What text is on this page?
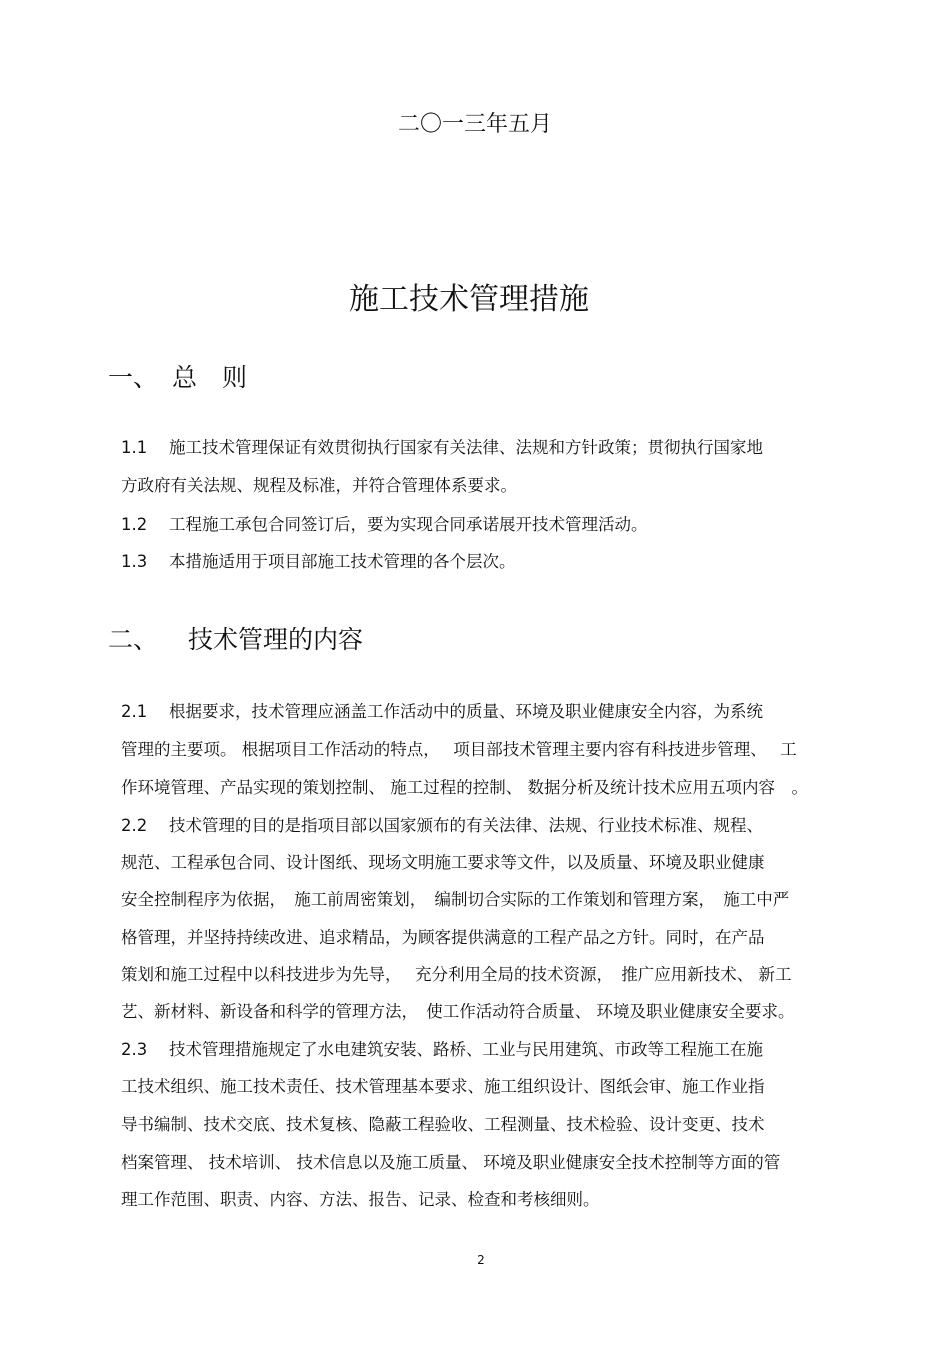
二〇一三年五月
施工技术管理措施
一、 总　则
1.1 施工技术管理保证有效贯彻执行国家有关法律、法规和方针政策；贯彻执行国家地
方政府有关法规、规程及标准，并符合管理体系要求。
1.2 工程施工承包合同签订后，要为实现合同承诺展开技术管理活动。
1.3 本措施适用于项目部施工技术管理的各个层次。
二、 技术管理的内容
2.1 根据要求，技术管理应涵盖工作活动中的质量、环境及职业健康安全内容，为系统
管理的主要项。 根据项目工作活动的特点，　 项目部技术管理主要内容有科技进步管理、　 工
作环境管理、产品实现的策划控制、 施工过程的控制、 数据分析及统计技术应用五项内容　。
2.2 技术管理的目的是指项目部以国家颁布的有关法律、法规、行业技术标准、规程、
规范、工程承包合同、设计图纸、现场文明施工要求等文件，以及质量、环境及职业健康
安全控制程序为依据，　施工前周密策划，　编制切合实际的工作策划和管理方案，　施工中严
格管理，并坚持持续改进、追求精品，为顾客提供满意的工程产品之方针。同时，在产品
策划和施工过程中以科技进步为先导，　 充分利用全局的技术资源，　推广应用新技术、 新工
艺、新材料、新设备和科学的管理方法，　使工作活动符合质量、 环境及职业健康安全要求。
2.3 技术管理措施规定了水电建筑安装、路桥、工业与民用建筑、市政等工程施工在施
工技术组织、施工技术责任、技术管理基本要求、施工组织设计、图纸会审、施工作业指
导书编制、技术交底、技术复核、隐蔽工程验收、工程测量、技术检验、设计变更、技术
档案管理、 技术培训、 技术信息以及施工质量、 环境及职业健康安全技术控制等方面的管
理工作范围、职责、内容、方法、报告、记录、检查和考核细则。
2
